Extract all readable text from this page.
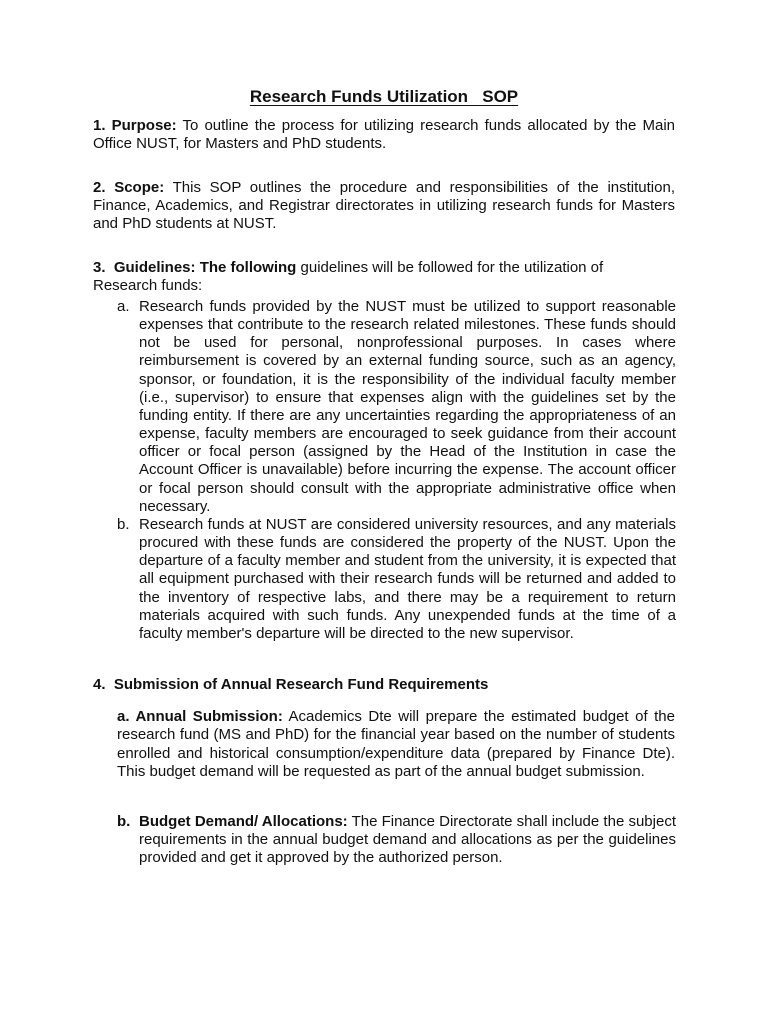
Research Funds Utilization   SOP
1. Purpose: To outline the process for utilizing research funds allocated by the Main Office NUST, for Masters and PhD students.
2. Scope: This SOP outlines the procedure and responsibilities of the institution, Finance, Academics, and Registrar directorates in utilizing research funds for Masters and PhD students at NUST.
3.  Guidelines: The following guidelines will be followed for the utilization of Research funds:
a. Research funds provided by the NUST must be utilized to support reasonable expenses that contribute to the research related milestones. These funds should not be used for personal, nonprofessional purposes. In cases where reimbursement is covered by an external funding source, such as an agency, sponsor, or foundation, it is the responsibility of the individual faculty member (i.e., supervisor) to ensure that expenses align with the guidelines set by the funding entity. If there are any uncertainties regarding the appropriateness of an expense, faculty members are encouraged to seek guidance from their account officer or focal person (assigned by the Head of the Institution in case the Account Officer is unavailable) before incurring the expense. The account officer or focal person should consult with the appropriate administrative office when necessary.
b. Research funds at NUST are considered university resources, and any materials procured with these funds are considered the property of the NUST. Upon the departure of a faculty member and student from the university, it is expected that all equipment purchased with their research funds will be returned and added to the inventory of respective labs, and there may be a requirement to return materials acquired with such funds. Any unexpended funds at the time of a faculty member's departure will be directed to the new supervisor.
4.  Submission of Annual Research Fund Requirements
a. Annual Submission: Academics Dte will prepare the estimated budget of the research fund (MS and PhD) for the financial year based on the number of students enrolled and historical consumption/expenditure data (prepared by Finance Dte). This budget demand will be requested as part of the annual budget submission.
b. Budget Demand/ Allocations: The Finance Directorate shall include the subject requirements in the annual budget demand and allocations as per the guidelines provided and get it approved by the authorized person.
